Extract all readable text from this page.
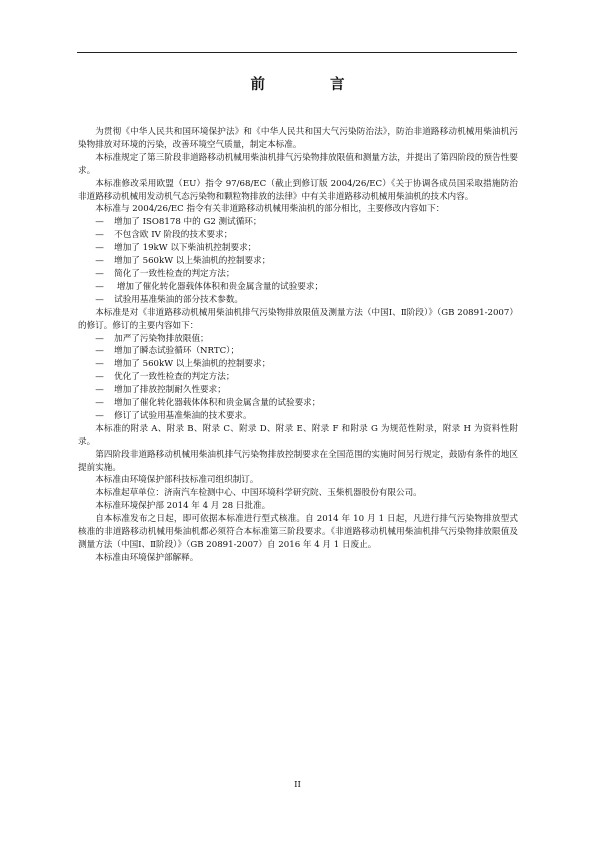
前 言

为贯彻《中华人民共和国环境保护法》和《中华人民共和国大气污染防治法》，防治非道路移动机械用柴油机污染物排放对环境的污染，改善环境空气质量，制定本标准。

本标准规定了第三阶段非道路移动机械用柴油机排气污染物排放限值和测量方法，并提出了第四阶段的预告性要求。

本标准修改采用欧盟（EU）指令 97/68/EC（截止到修订版 2004/26/EC）《关于协调各成员国采取措施防治非道路移动机械用发动机气态污染物和颗粒物排放的法律》中有关非道路移动机械用柴油机的技术内容。

本标准与 2004/26/EC 指令有关非道路移动机械用柴油机的部分相比，主要修改内容如下：

— 增加了 ISO8178 中的 G2 测试循环；
— 不包含欧 IV 阶段的技术要求；
— 增加了 19kW 以下柴油机控制要求；
— 增加了 560kW 以上柴油机的控制要求；
— 简化了一致性检查的判定方法；
— 增加了催化转化器载体体积和贵金属含量的试验要求；
— 试验用基准柴油的部分技术参数。

本标准是对《非道路移动机械用柴油机排气污染物排放限值及测量方法（中国Ⅰ、Ⅱ阶段）》（GB 20891-2007）的修订。修订的主要内容如下：

— 加严了污染物排放限值；
— 增加了瞬态试验循环（NRTC）；
— 增加了 560kW 以上柴油机的控制要求；
— 优化了一致性检查的判定方法；
— 增加了排放控制耐久性要求；
— 增加了催化转化器载体体积和贵金属含量的试验要求；
— 修订了试验用基准柴油的技术要求。

本标准的附录 A、附录 B、附录 C、附录 D、附录 E、附录 F 和附录 G 为规范性附录，附录 H 为资料性附录。

第四阶段非道路移动机械用柴油机排气污染物排放控制要求在全国范围的实施时间另行规定，鼓励有条件的地区提前实施。

本标准由环境保护部科技标准司组织制订。

本标准起草单位：济南汽车检测中心、中国环境科学研究院、玉柴机器股份有限公司。

本标准环境保护部 2014 年 4 月 28 日批准。

自本标准发布之日起，即可依据本标准进行型式核准。自 2014 年 10 月 1 日起，凡进行排气污染物排放型式核准的非道路移动机械用柴油机都必须符合本标准第三阶段要求。《非道路移动机械用柴油机排气污染物排放限值及测量方法（中国Ⅰ、Ⅱ阶段）》（GB 20891-2007）自 2016 年 4 月 1 日废止。

本标准由环境保护部解释。

II
